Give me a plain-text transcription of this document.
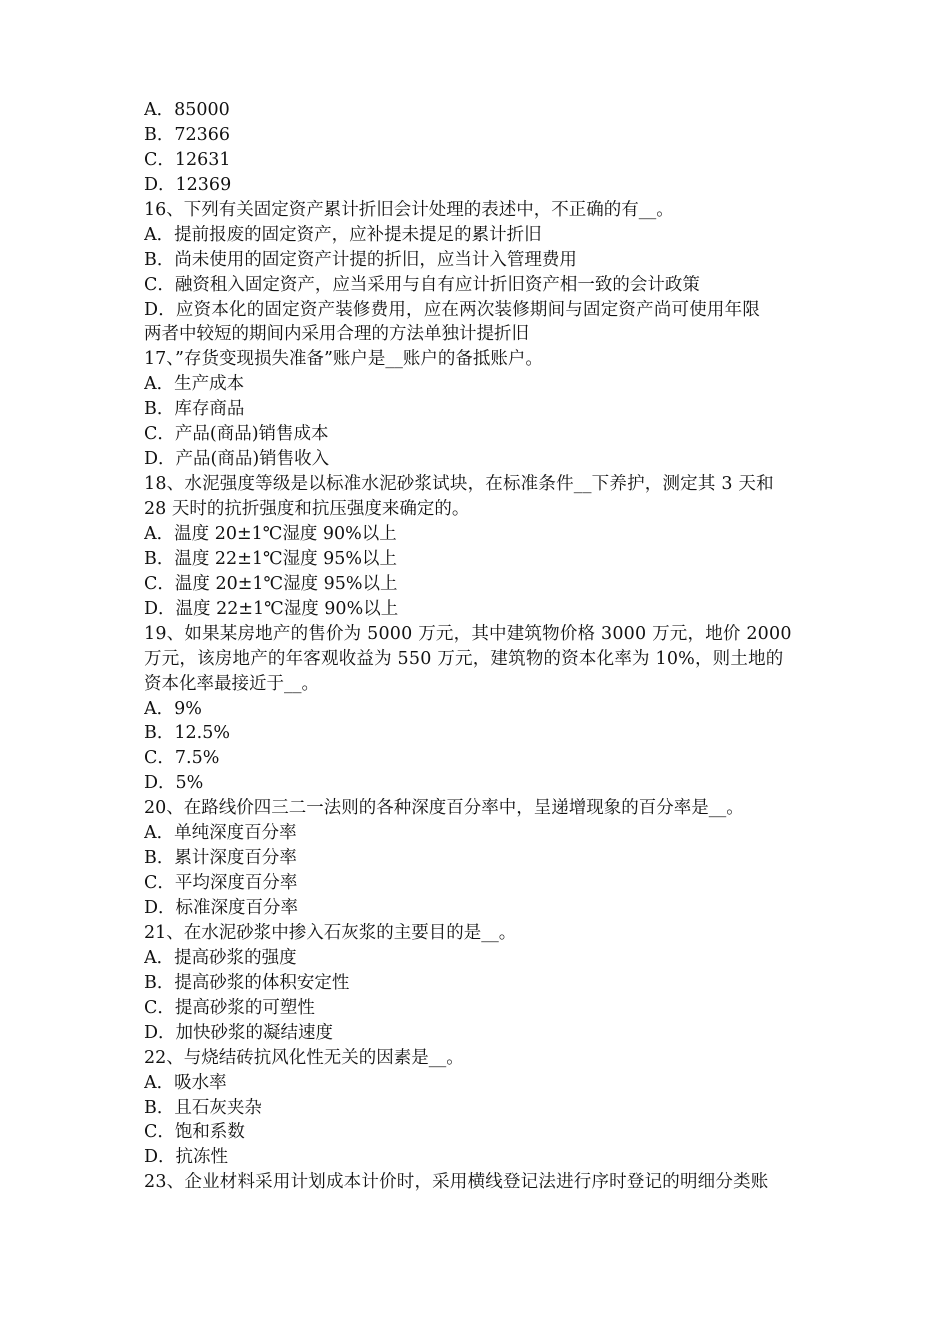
A．85000
B．72366
C．12631
D．12369
16、下列有关固定资产累计折旧会计处理的表述中，不正确的有__。
A．提前报废的固定资产，应补提未提足的累计折旧
B．尚未使用的固定资产计提的折旧，应当计入管理费用
C．融资租入固定资产，应当采用与自有应计折旧资产相一致的会计政策
D．应资本化的固定资产装修费用，应在两次装修期间与固定资产尚可使用年限
两者中较短的期间内采用合理的方法单独计提折旧
17、”存货变现损失准备”账户是__账户的备抵账户。
A．生产成本
B．库存商品
C．产品(商品)销售成本
D．产品(商品)销售收入
18、水泥强度等级是以标准水泥砂浆试块，在标准条件__下养护，测定其 3 天和
28 天时的抗折强度和抗压强度来确定的。
A．温度 20±1℃湿度 90%以上
B．温度 22±1℃湿度 95%以上
C．温度 20±1℃湿度 95%以上
D．温度 22±1℃湿度 90%以上
19、如果某房地产的售价为 5000 万元，其中建筑物价格 3000 万元，地价 2000
万元，该房地产的年客观收益为 550 万元，建筑物的资本化率为 10%，则土地的
资本化率最接近于__。
A．9%
B．12.5%
C．7.5%
D．5%
20、在路线价四三二一法则的各种深度百分率中，呈递增现象的百分率是__。
A．单纯深度百分率
B．累计深度百分率
C．平均深度百分率
D．标准深度百分率
21、在水泥砂浆中掺入石灰浆的主要目的是__。
A．提高砂浆的强度
B．提高砂浆的体积安定性
C．提高砂浆的可塑性
D．加快砂浆的凝结速度
22、与烧结砖抗风化性无关的因素是__。
A．吸水率
B．且石灰夹杂
C．饱和系数
D．抗冻性
23、企业材料采用计划成本计价时，采用横线登记法进行序时登记的明细分类账
